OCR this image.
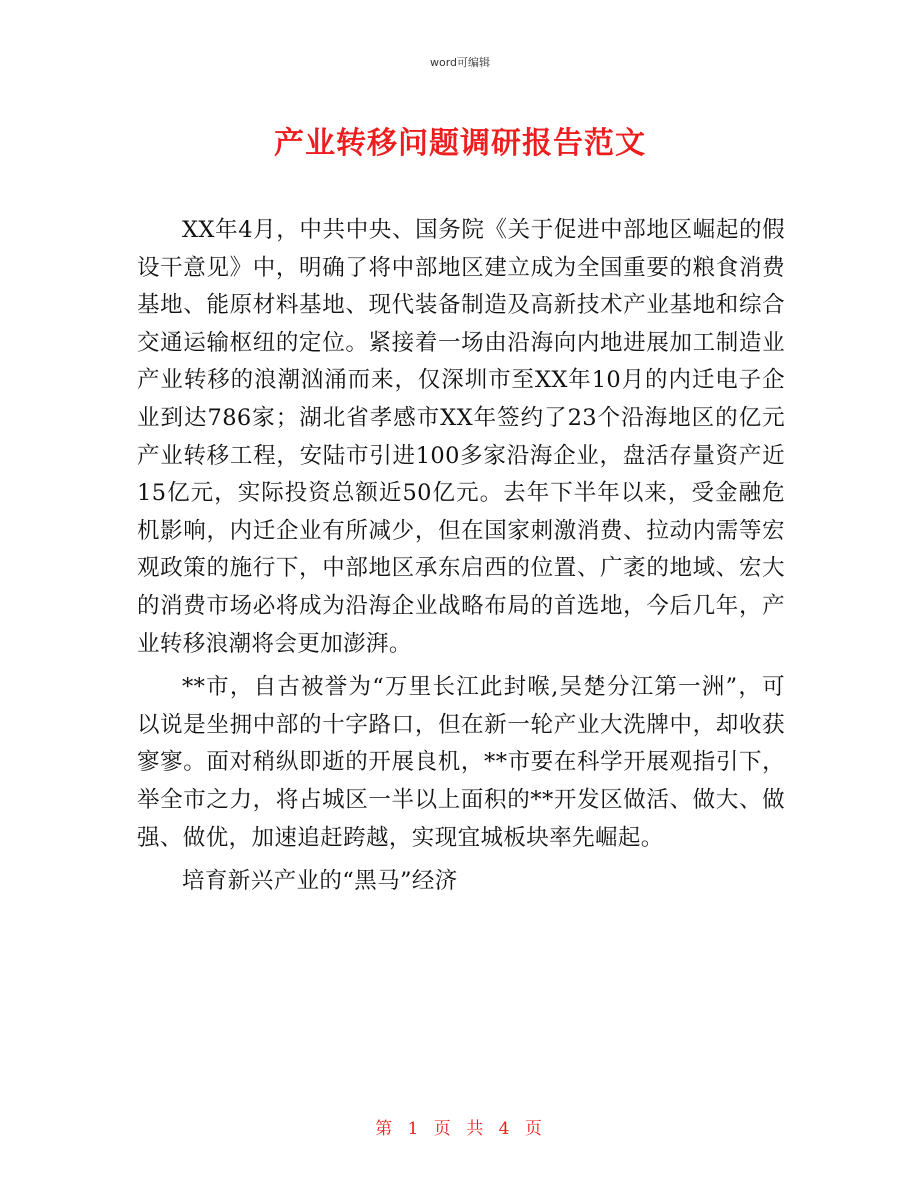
word可编辑
产业转移问题调研报告范文

XX年4月，中共中央、国务院《关于促进中部地区崛起的假设干意见》中，明确了将中部地区建立成为全国重要的粮食消费基地、能原材料基地、现代装备制造及高新技术产业基地和综合交通运输枢纽的定位。紧接着一场由沿海向内地进展加工制造业产业转移的浪潮汹涌而来，仅深圳市至XX年10月的内迁电子企业到达786家；湖北省孝感市XX年签约了23个沿海地区的亿元产业转移工程，安陆市引进100多家沿海企业，盘活存量资产近15亿元，实际投资总额近50亿元。去年下半年以来，受金融危机影响，内迁企业有所减少，但在国家刺激消费、拉动内需等宏观政策的施行下，中部地区承东启西的位置、广袤的地域、宏大的消费市场必将成为沿海企业战略布局的首选地，今后几年，产业转移浪潮将会更加澎湃。

**市，自古被誉为“万里长江此封喉,吴楚分江第一洲”，可以说是坐拥中部的十字路口，但在新一轮产业大洗牌中，却收获寥寥。面对稍纵即逝的开展良机，**市要在科学开展观指引下，举全市之力，将占城区一半以上面积的**开发区做活、做大、做强、做优，加速追赶跨越，实现宜城板块率先崛起。

培育新兴产业的“黑马”经济

第 1 页 共 4 页
